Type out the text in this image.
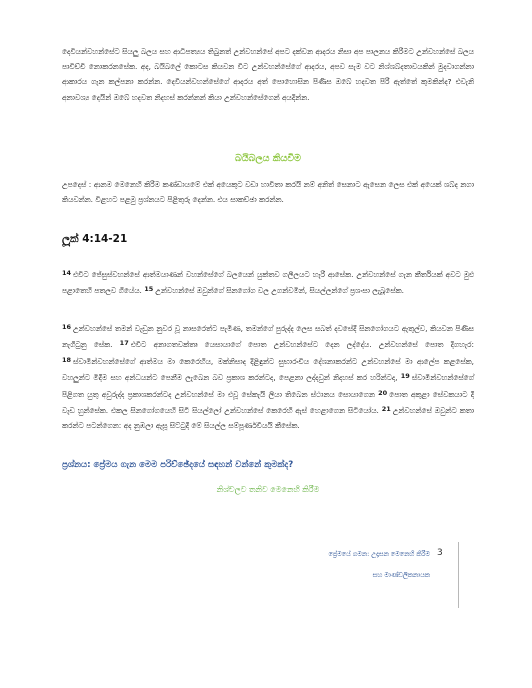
දෙවියන්වහන්සේට සියලු බලය සහ ආධිපත්‍යය තිබුනත් උන්වහන්සේ අපට දක්වන ආදරය නිසා අප පාලනය කිරීමට උන්වහන්සේ බලය පාවිච්චි නොකරනසේක. අද, බයිබලේ කොටස කියවන විට උන්වහන්සේගේ ආදරය, අපව සැම වට නිශ්ශබ්දතාවයකින් මුදවාගන්නා ආකාරය ගැන කල්පනා කරන්න. දෙවියන්වහන්සේගේ ආදරය අත් පොහොසින පිණිස ඔබේ හදවත පිරී ඇත්තේ කුමකින්ද? එවැනි අනාවශ්‍ය දෙයින් ඔබේ හදවත නිදහස් කරන්නන් කියා උන්වහන්සේගෙන් අයදින්න.

බයිබලය කියවීම

උපදෙස් : ආනම මෙනෙහි කිරීම කණ්ඩායමේ එක් අයෙකුට වඩා හාවිතා කරයි නම් අනිත් සෙනාට ඇසෙන ලෙස එක් අයෙක් ශබ්ද නගා කියවන්න. විළහට පළමු ප්‍රශ්නයට පිළිතුරු දෙන්න. එය සාකච්ඡා කරන්න.

ලූක් 4:14-21

14 එවිට ජේසුස්වහන්සේ ආත්මයාණන් වහන්සේගේ බලයෙන් යුක්තව ගලීලයට හැරී ආසේක. උන්වහන්සේ ගැන කීර්තියක් අවට මුළු පළාතෙහි පතලව ගියේය. 15 උන්වහන්සේ ඔවුන්ගේ සිනගෝග වල උගන්වමින්, සියල්ලන්ගේ ප්‍රශංසා ලැබූසේක.

16 උන්වහන්සේ තමන් වැඩුන නුවර වූ නාසරෙත්ට පැමිණ, තමන්ගේ පුරුද්ද ලෙස සබත් දවසේදී සිනගෝගයට ඇතුල්ව, කියවන පිණිස නැගිටුනු සේක. 17 එවිට අනාගතවක්තෘ යෙසායාගේ පොත උන්වහන්සේට දෙන ලද්දේය. උන්වහන්සේ පොත දිගහැර: 18 ස්වාමීන්වහන්සේගේ ආත්මය මා කෙරෙහිය, මක්නිසාද දිළිඳුන්ට සුභාරංචිය දේශනාකරන්ට උන්වහන්සේ මා ආලේප කළසේක, වහලුන්ට මිදීම සහ අන්ධයන්ට පෙනීම ලැබෙන බව ප්‍රකාශ කරන්ටද, පෙළනා ලද්දවුන් නිදහස් කර හරින්ටද, 19 ස්වාමීන්වහන්සේගේ පිළිගත යුතු අවුරුද්ද ප්‍රකාශකරන්ටද උන්වහන්සේ මා එවූ සේකැයි ලියා තිබෙන ස්ථානය සොයාගෙන 20 පොත අකුළා සේවකයාට දී වැඩ හුන්සේක. එකල සිනගෝගයෙහි සිටි සියල්ලෝ උන්වහන්සේ කෙරෙහි ඇස් හෙළාගෙන සිටියෝය. 21 උන්වහන්සේ ඔවුන්ට කතා කරන්ට පටන්ගෙන: අද නුඹලා ඇසූ සිට්ටුදී මේ සියල්ල සම්පූර්ණවීයයි කීසේක.

ප්‍රශ්නය: ප්‍රේමය ගැන මෙම පරිච්ඡේදයේ සඳහන් වන්නේ කුමක්ද?

නිශ්චලව තනිව මෙනෙහි කිරීම

ප්‍රේමයේ ගමන: උදෑසන මෙනෙහි කිරීම

සහ මාණ්ඩලිකනායක

3
